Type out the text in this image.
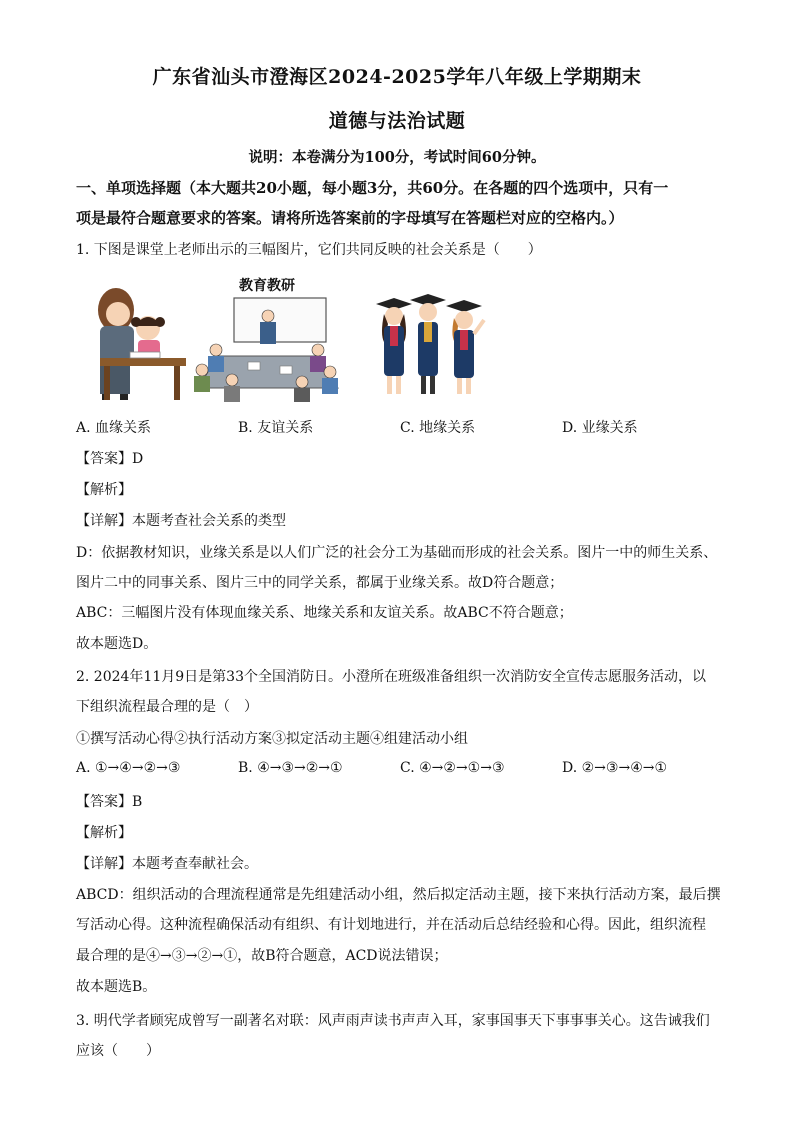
广东省汕头市澄海区2024-2025学年八年级上学期期末
道德与法治试题
说明：本卷满分为100分，考试时间60分钟。
一、单项选择题（本大题共20小题，每小题3分，共60分。在各题的四个选项中，只有一
项是最符合题意要求的答案。请将所选答案前的字母填写在答题栏对应的空格内。）
1. 下图是课堂上老师出示的三幅图片，它们共同反映的社会关系是（　　）
教育教研
A. 血缘关系	B. 友谊关系	C. 地缘关系	D. 业缘关系
【答案】D
【解析】
【详解】本题考查社会关系的类型
D：依据教材知识，业缘关系是以人们广泛的社会分工为基础而形成的社会关系。图片一中的师生关系、
图片二中的同事关系、图片三中的同学关系，都属于业缘关系。故D符合题意；
ABC：三幅图片没有体现血缘关系、地缘关系和友谊关系。故ABC不符合题意；
故本题选D。
2. 2024年11月9日是第33个全国消防日。小澄所在班级准备组织一次消防安全宣传志愿服务活动，以
下组织流程最合理的是（　）
①撰写活动心得②执行活动方案③拟定活动主题④组建活动小组
A. ①→④→②→③	B. ④→③→②→①	C. ④→②→①→③	D. ②→③→④→①
【答案】B
【解析】
【详解】本题考查奉献社会。
ABCD：组织活动的合理流程通常是先组建活动小组，然后拟定活动主题，接下来执行活动方案，最后撰
写活动心得。这种流程确保活动有组织、有计划地进行，并在活动后总结经验和心得。因此，组织流程
最合理的是④→③→②→①，故B符合题意，ACD说法错误；
故本题选B。
3. 明代学者顾宪成曾写一副著名对联：风声雨声读书声声入耳，家事国事天下事事事关心。这告诫我们
应该（　　）
